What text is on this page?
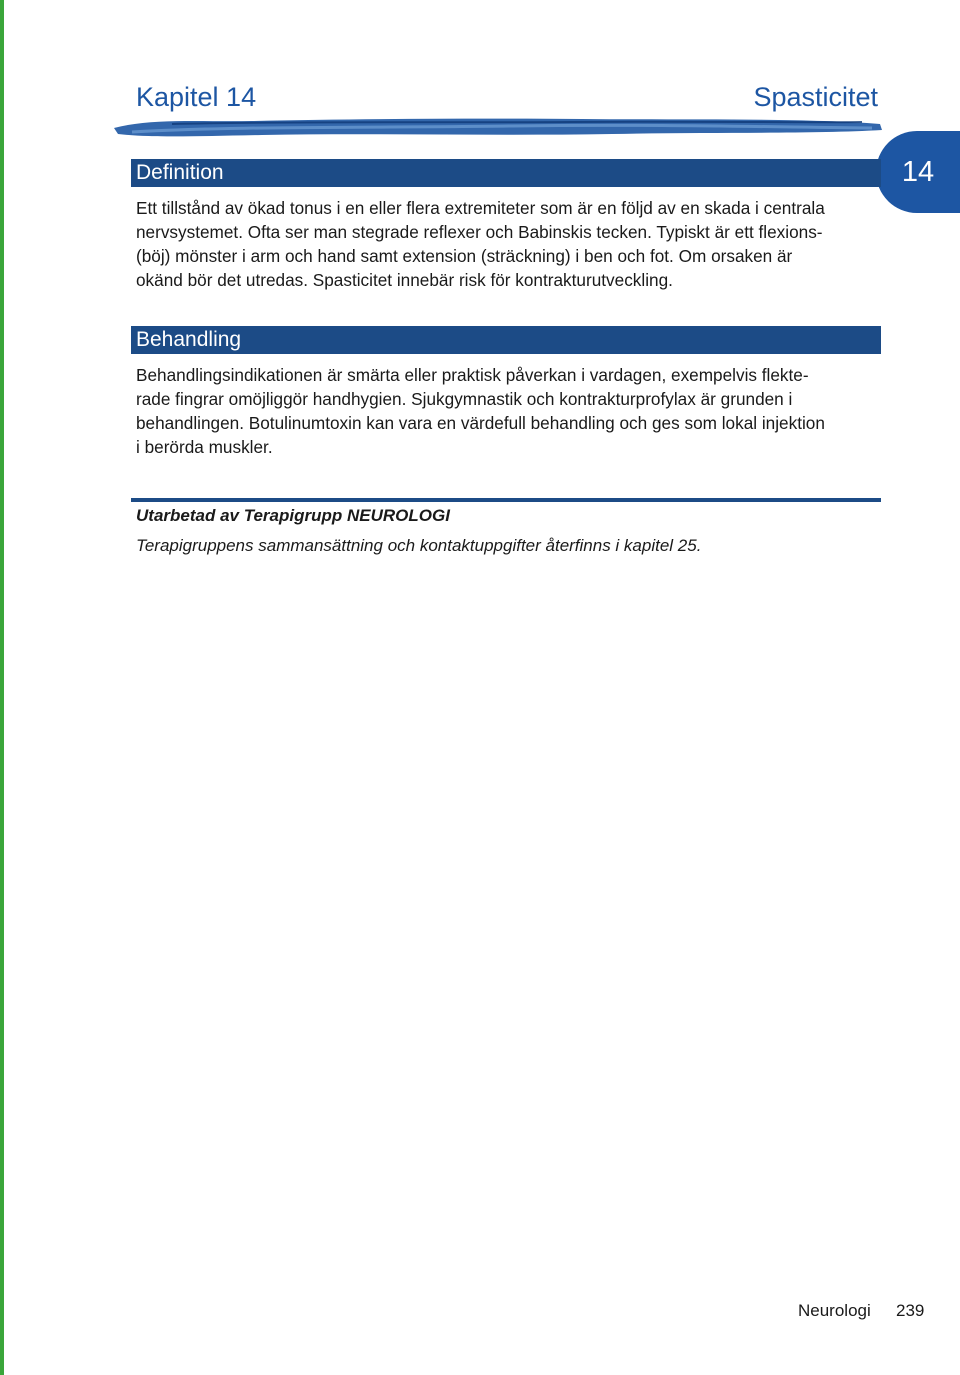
Kapitel 14	Spasticitet
14
Definition

Ett tillstånd av ökad tonus i en eller flera extremiteter som är en följd av en skada i centrala
nervsystemet. Ofta ser man stegrade reflexer och Babinskis tecken. Typiskt är ett flexions-
(böj) mönster i arm och hand samt extension (sträckning) i ben och fot. Om orsaken är
okänd bör det utredas. Spasticitet innebär risk för kontrakturutveckling.

Behandling

Behandlingsindikationen är smärta eller praktisk påverkan i vardagen, exempelvis flekte-
rade fingrar omöjliggör handhygien. Sjukgymnastik och kontrakturprofylax är grunden i
behandlingen. Botulinumtoxin kan vara en värdefull behandling och ges som lokal injektion
i berörda muskler.

Utarbetad av Terapigrupp NEUROLOGI
Terapigruppens sammansättning och kontaktuppgifter återfinns i kapitel 25.
Neurologi 239
